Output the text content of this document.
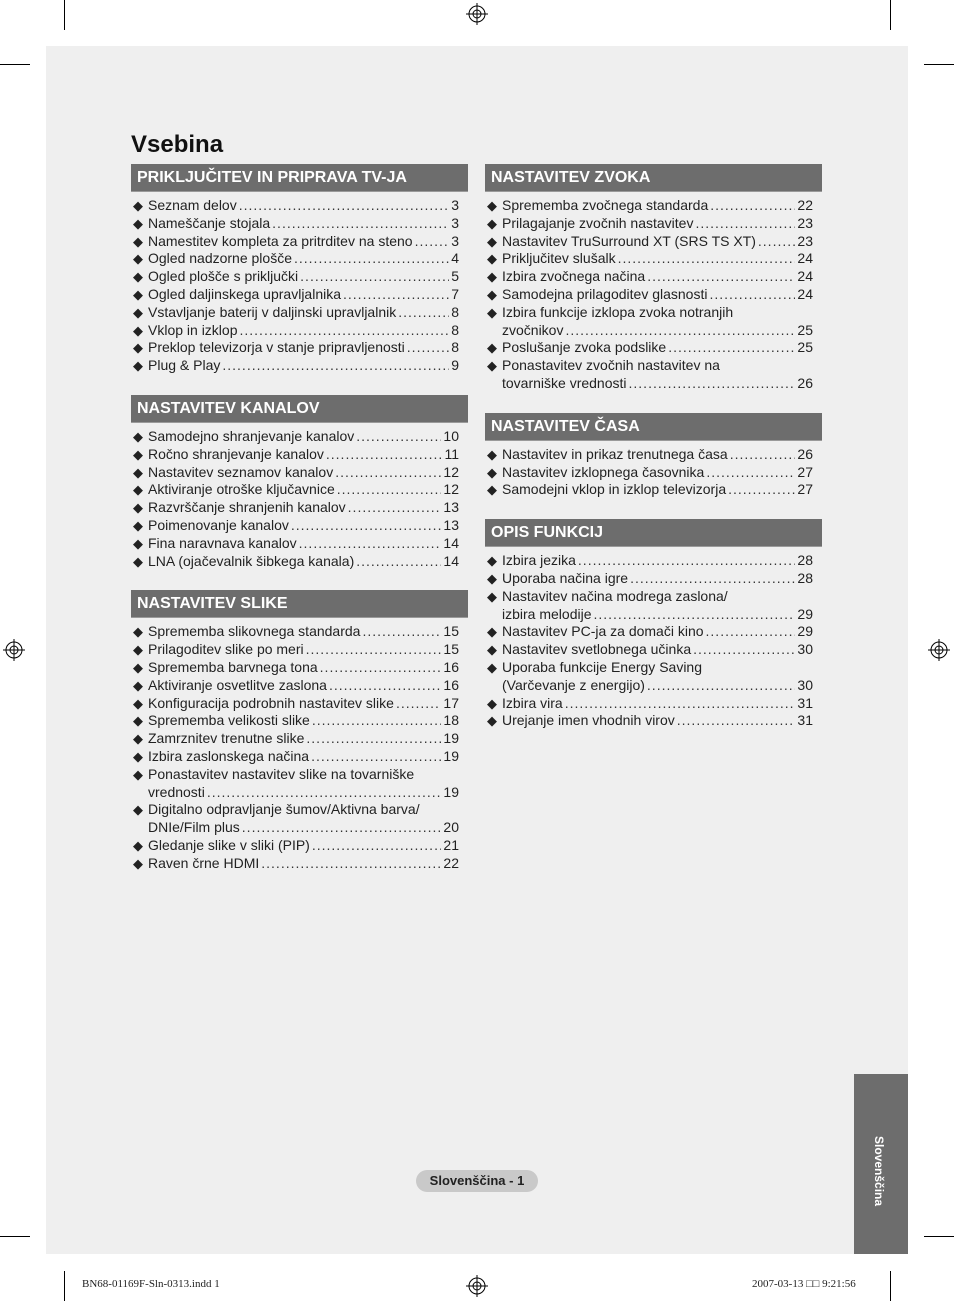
Vsebina
PRIKLJUČITEV IN PRIPRAVA TV-JA
◆ Seznam delov .....	3
◆ Nameščanje stojala .....	3
◆ Namestitev kompleta za pritrditev na steno .....	3
◆ Ogled nadzorne plošče .....	4
◆ Ogled plošče s priključki .....	5
◆ Ogled daljinskega upravljalnika .....	7
◆ Vstavljanje baterij v daljinski upravljalnik .....	8
◆ Vklop in izklop .....	8
◆ Preklop televizorja v stanje pripravljenosti .....	8
◆ Plug & Play .....	9
NASTAVITEV KANALOV
◆ Samodejno shranjevanje kanalov .....	10
◆ Ročno shranjevanje kanalov .....	11
◆ Nastavitev seznamov kanalov .....	12
◆ Aktiviranje otroške ključavnice .....	12
◆ Razvrščanje shranjenih kanalov .....	13
◆ Poimenovanje kanalov .....	13
◆ Fina naravnava kanalov .....	14
◆ LNA (ojačevalnik šibkega kanala) .....	14
NASTAVITEV SLIKE
◆ Sprememba slikovnega standarda .....	15
◆ Prilagoditev slike po meri .....	15
◆ Sprememba barvnega tona .....	16
◆ Aktiviranje osvetlitve zaslona .....	16
◆ Konfiguracija podrobnih nastavitev slike .....	17
◆ Sprememba velikosti slike .....	18
◆ Zamrznitev trenutne slike .....	19
◆ Izbira zaslonskega načina .....	19
◆ Ponastavitev nastavitev slike na tovarniške
vrednosti .....	19
◆ Digitalno odpravljanje šumov/Aktivna barva/
DNIe/Film plus .....	20
◆ Gledanje slike v sliki (PIP) .....	21
◆ Raven črne HDMI .....	22
NASTAVITEV ZVOKA
◆ Sprememba zvočnega standarda .....	22
◆ Prilagajanje zvočnih nastavitev .....	23
◆ Nastavitev TruSurround XT (SRS TS XT) .....	23
◆ Priključitev slušalk .....	24
◆ Izbira zvočnega načina .....	24
◆ Samodejna prilagoditev glasnosti .....	24
◆ Izbira funkcije izklopa zvoka notranjih
zvočnikov .....	25
◆ Poslušanje zvoka podslike .....	25
◆ Ponastavitev zvočnih nastavitev na
tovarniške vrednosti .....	26
NASTAVITEV ČASA
◆ Nastavitev in prikaz trenutnega časa .....	26
◆ Nastavitev izklopnega časovnika .....	27
◆ Samodejni vklop in izklop televizorja .....	27
OPIS FUNKCIJ
◆ Izbira jezika .....	28
◆ Uporaba načina igre .....	28
◆ Nastavitev načina modrega zaslona/
izbira melodije .....	29
◆ Nastavitev PC-ja za domači kino .....	29
◆ Nastavitev svetlobnega učinka .....	30
◆ Uporaba funkcije Energy Saving
(Varčevanje z energijo) .....	30
◆ Izbira vira .....	31
◆ Urejanje imen vhodnih virov .....	31
Slovenščina
Slovenščina - 1
BN68-01169F-Sln-0313.indd 1	2007-03-13 □□ 9:21:56
